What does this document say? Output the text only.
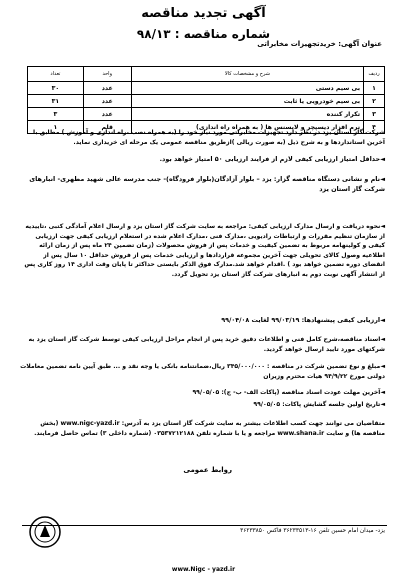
آگهی تجدید مناقصه
شماره مناقصه : ۹۸/۱۳
عنوان آگهی: خریدتجهیزات مخابراتی
ردیف	شرح و مشخصات کالا	واحد	تعداد
۱	بی سیم دستی	عدد	۳۰
۲	بی سیم خودرویی یا ثابت	عدد	۳۱
۳	تکرار کننده	عدد	۳
۴	نرم افزار دیسپچر و لایسنس ها ( به همراه راه اندازی)	قلم	۱
شرکت گاز استان یزد در نظر دارد تجهیزات مخابراتی مورد نیاز خود را (به همراه نصب ،راه اندازی و آموزش ) مطابق با آخرین استانداردها و به شرح ذیل (به صورت ریالی )ازطریق مناقصه عمومی یک مرحله ای خریداری نماید.
◄حداقل امتیاز ارزیابی کیفی لازم از فرایند ارزیابی ۵۰ امتیاز خواهد بود.
◄نام و نشانی دستگاه مناقصه گزار: یزد – بلوار آزادگان(بلوار فرودگاه)- جنب مدرسه عالی شهید مطهری- انبارهای شرکت گاز استان یزد
◄نحوه دریافت و ارسال مدارک ارزیابی کیفی: مراجعه به سایت شرکت گاز استان یزد و ارسال اعلام آمادگی کتبی ،تاییدیه از سازمان تنظیم مقررات و ارتباطات رادیویی ،مدارک فنی ،مدارک اعلام شده در استعلام ارزیابی کیفی جهت ارزیابی کیفی و کولینهامه مربوط به تضمین کیفیت و خدمات پس از فروش محصولات (زمان تضمین ۲۴ ماه پس از زمان ارائه اطلاعیه وصول کالای تحویلی جهت آخرین مجموعه قراردادها و ارزیابی خدمات پس از فروش حداقل ۱۰ سال پس از انقضای دوره تضمین خواهد بود ) .اقدام خواهد شد.مدارک فوق الذکر بایستی حداکثر تا پایان وقت اداری ۱۴ روز کاری پس از انتشار آگهی نوبت دوم به انبارهای شرکت گاز استان یزد تحویل گردد.
◄ارزیابی کیفی پیشنهادها: ۹۹/۰۳/۱۹ لغایت ۹۹/۰۴/۰۸
◄اسناد مناقصه،شرح کامل فنی و اطلاعات دقیق خرید پس از انجام مراحل ارزیابی کیفی توسط شرکت گاز استان یزد به شرکتهای مورد تایید ارسال خواهد گردید.
◄مبلغ و نوع تضمین شرکت در مناقصه : ۳۴۵/۰۰۰/۰۰۰ ریال،ضمانتنامه بانکی یا وجه نقد و ... طبق آیین نامه تضمین معاملات دولتی مورخ ۹۴/۹/۲۲ هیات محترم وزیران
◄آخرین مهلت عودت اسناد مناقصه (پاکات الف- ب- ج): ۹۹/۰۵/۰۵
◄تاریخ اولین جلسه گشایش پاکات: ۹۹/۰۵/۰۵
متقاضیان می توانند جهت کسب اطلاعات بیشتر به سایت شرکت گاز استان یزد به آدرس: www.nigc-yazd.ir (بخش مناقصه ها) و سایت www.shana.ir مراجعه و یا با شماره تلفن ۰۳۵۳۷۲۱۲۱۸۸ (شماره داخلی ۳) تماس حاصل فرمایند.
روابط عمومی
یزد- میدان امام حسین تلفن ۱۶-۳۶۲۳۳۵۱۳ فاکس ۳۶۲۳۳۸۵۰
www.Nigc - yazd.ir
